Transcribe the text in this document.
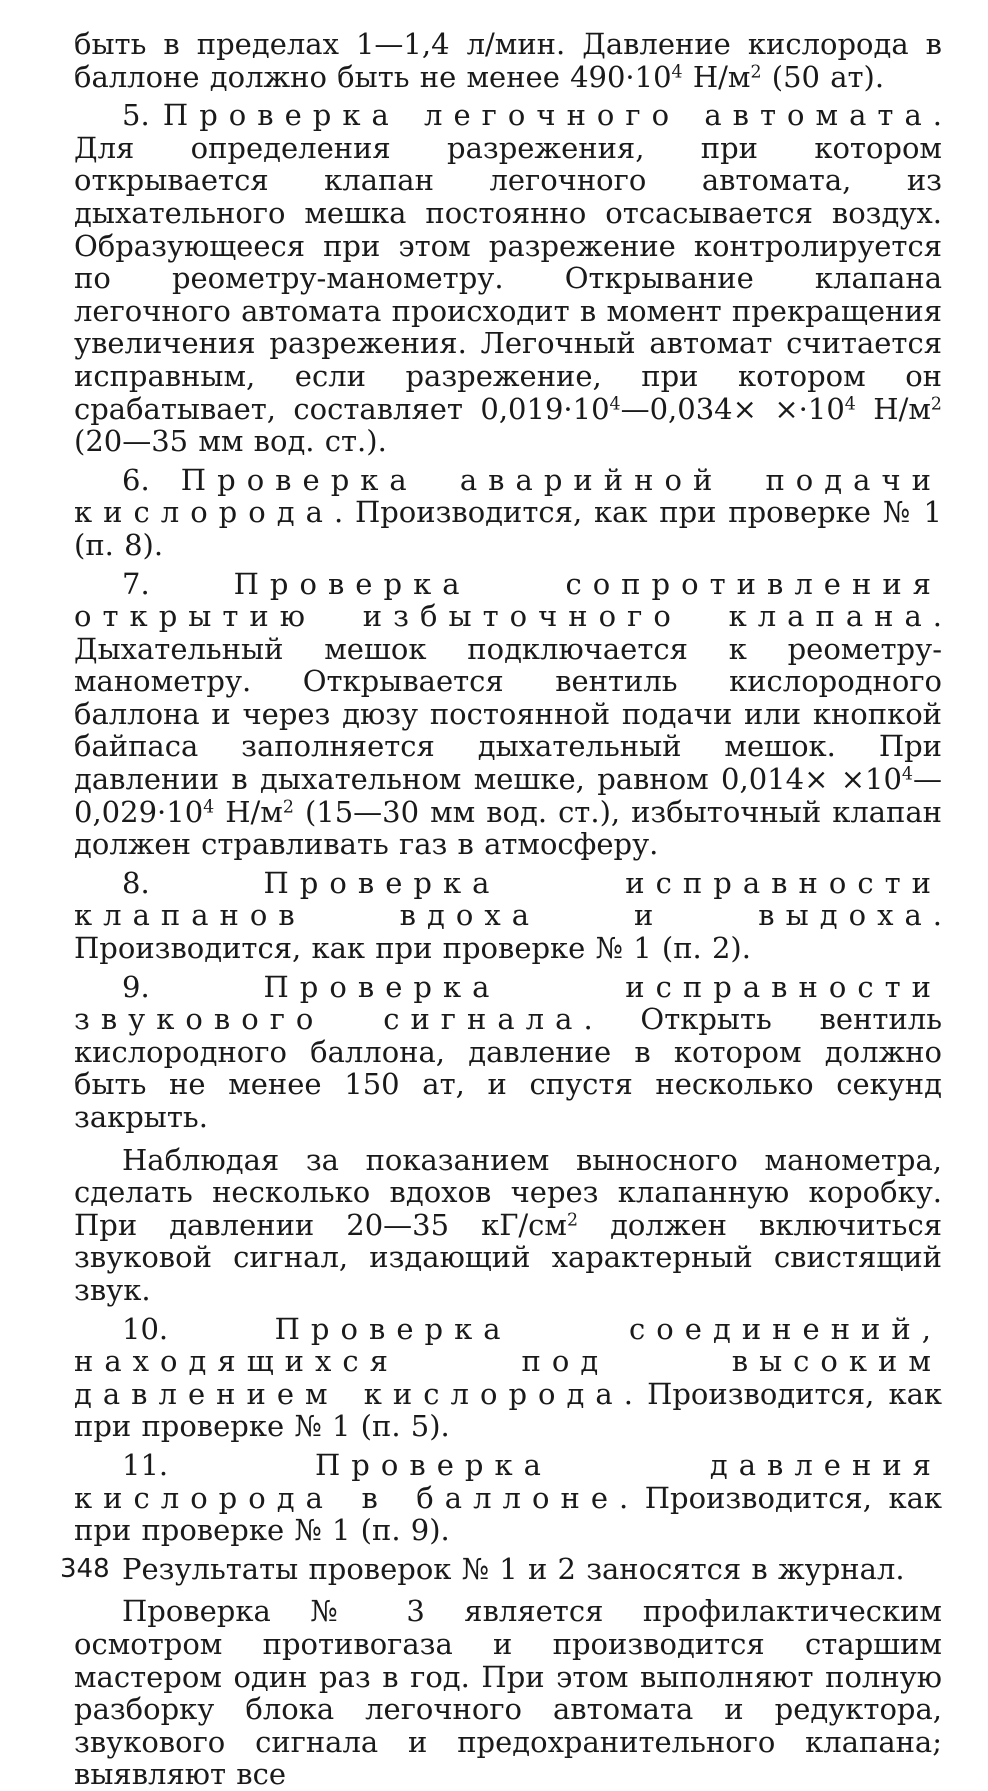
быть в пределах 1—1,4 л/мин. Давление кислорода в баллоне должно быть не менее $490\cdot 10^4$ $Н/м^2$ (50 ат).

5. Проверка легочного автомата. Для определения разрежения, при котором открывается клапан легочного автомата, из дыхательного мешка постоянно отсасывается воздух. Образующееся при этом разрежение контролируется по реометру-манометру. Открывание клапана легочного автомата происходит в момент прекращения увеличения разрежения. Легочный автомат считается исправным, если разрежение, при котором он срабатывает, составляет $0,019\cdot 10^4—0,034\times \times\cdot 10^4$ $Н/м^2$ (20—35 мм вод. ст.).

6. Проверка аварийной подачи кислорода. Производится, как при проверке № 1 (п. 8).

7. Проверка сопротивления открытию избыточного клапана. Дыхательный мешок подключается к реометру-манометру. Открывается вентиль кислородного баллона и через дюзу постоянной подачи или кнопкой байпаса заполняется дыхательный мешок. При давлении в дыхательном мешке, равном $0,014\times \times 10^4—0,029\cdot 10^4$ $Н/м^2$ (15—30 мм вод. ст.), избыточный клапан должен стравливать газ в атмосферу.

8. Проверка исправности клапанов вдоха и выдоха. Производится, как при проверке № 1 (п. 2).

9. Проверка исправности звукового сигнала. Открыть вентиль кислородного баллона, давление в котором должно быть не менее 150 ат, и спустя несколько секунд закрыть.

Наблюдая за показанием выносного манометра, сделать несколько вдохов через клапанную коробку. При давлении 20—35 $кГ/см^2$ должен включиться звуковой сигнал, издающий характерный свистящий звук.

10. Проверка соединений, находящихся под высоким давлением кислорода. Производится, как при проверке № 1 (п. 5).

11. Проверка давления кислорода в баллоне. Производится, как при проверке № 1 (п. 9).

Результаты проверок № 1 и 2 заносятся в журнал.

Проверка № 3 является профилактическим осмотром противогаза и производится старшим мастером один раз в год. При этом выполняют полную разборку блока легочного автомата и редуктора, звукового сигнала и предохранительного клапана; выявляют все

348
